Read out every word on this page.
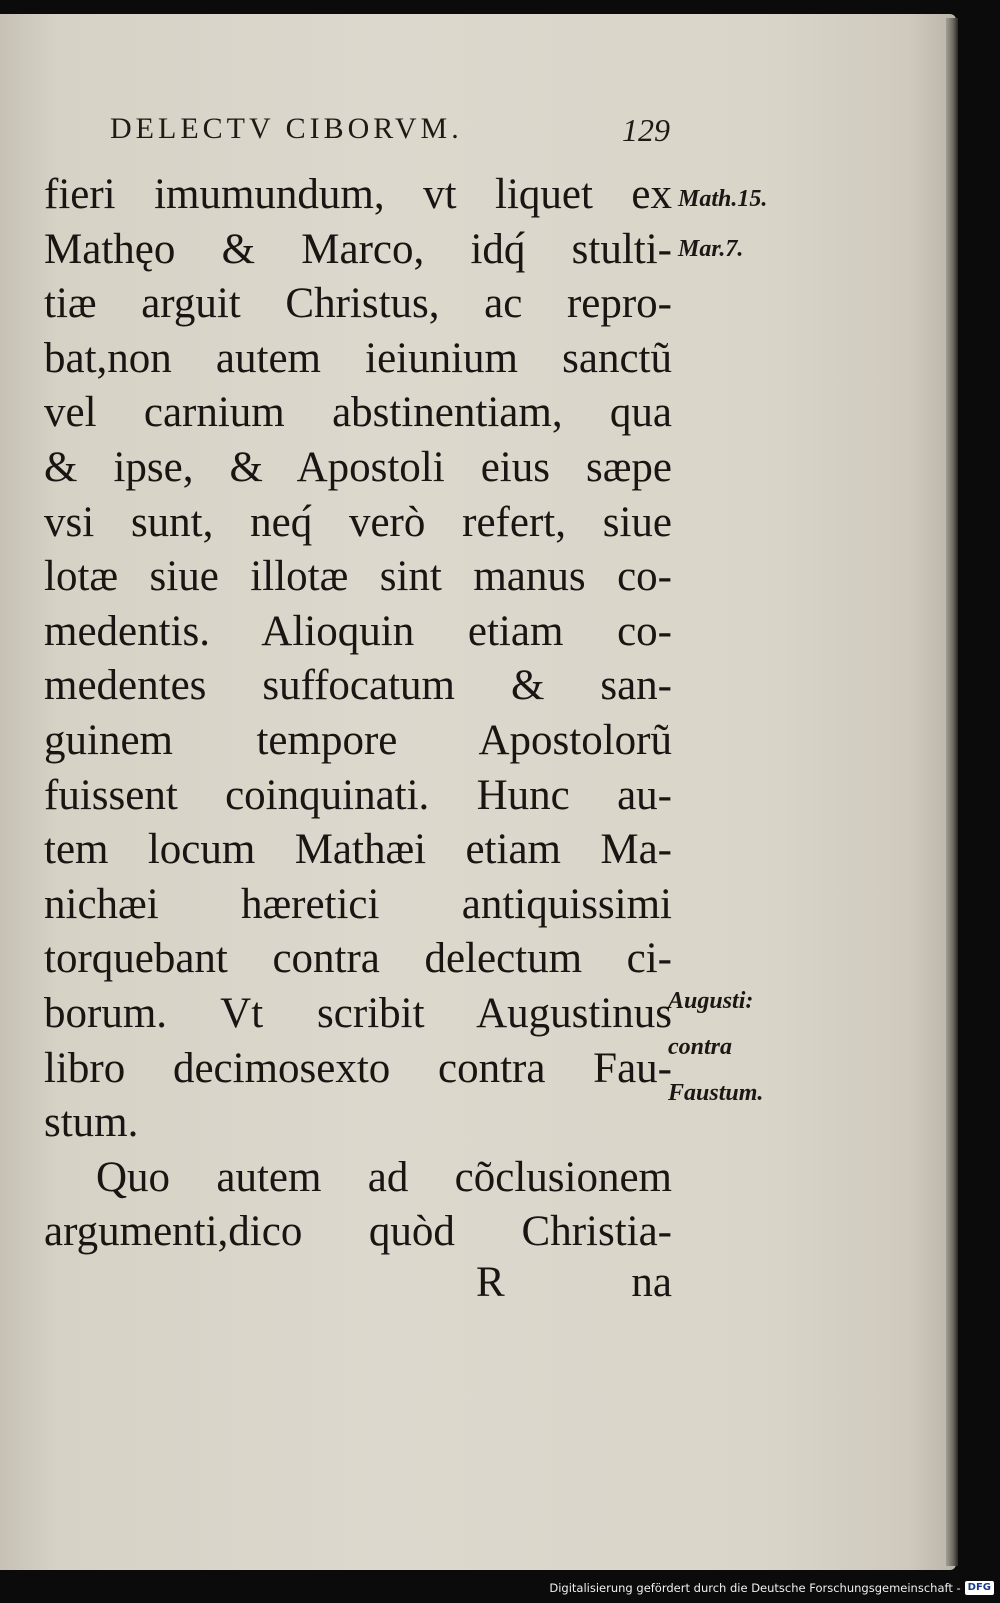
DELECTV CIBORVM.	129
fieri imumundum, vt liquet ex
Mathęo & Marco, idq́ stulti-
tiæ arguit Christus, ac repro-
bat,non autem ieiunium sanctũ
vel carnium abstinentiam, qua
& ipse, & Apostoli eius sæpe
vsi sunt, neq́ verò refert, siue
lotæ siue illotæ sint manus co-
medentis. Alioquin etiam co-
medentes suffocatum & san-
guinem tempore Apostolorũ
fuissent coinquinati. Hunc au-
tem locum Mathæi etiam Ma-
nichæi hæretici antiquissimi
torquebant contra delectum ci-
borum. Vt scribit Augustinus
libro decimosexto contra Fau-
stum.
Quo autem ad cõclusionem
argumenti,dico quòd Christia-
R	na
Math.15.
Mar.7.
Augusti:
contra
Faustum.
Digitalisierung gefördert durch die Deutsche Forschungsgemeinschaft - DFG
